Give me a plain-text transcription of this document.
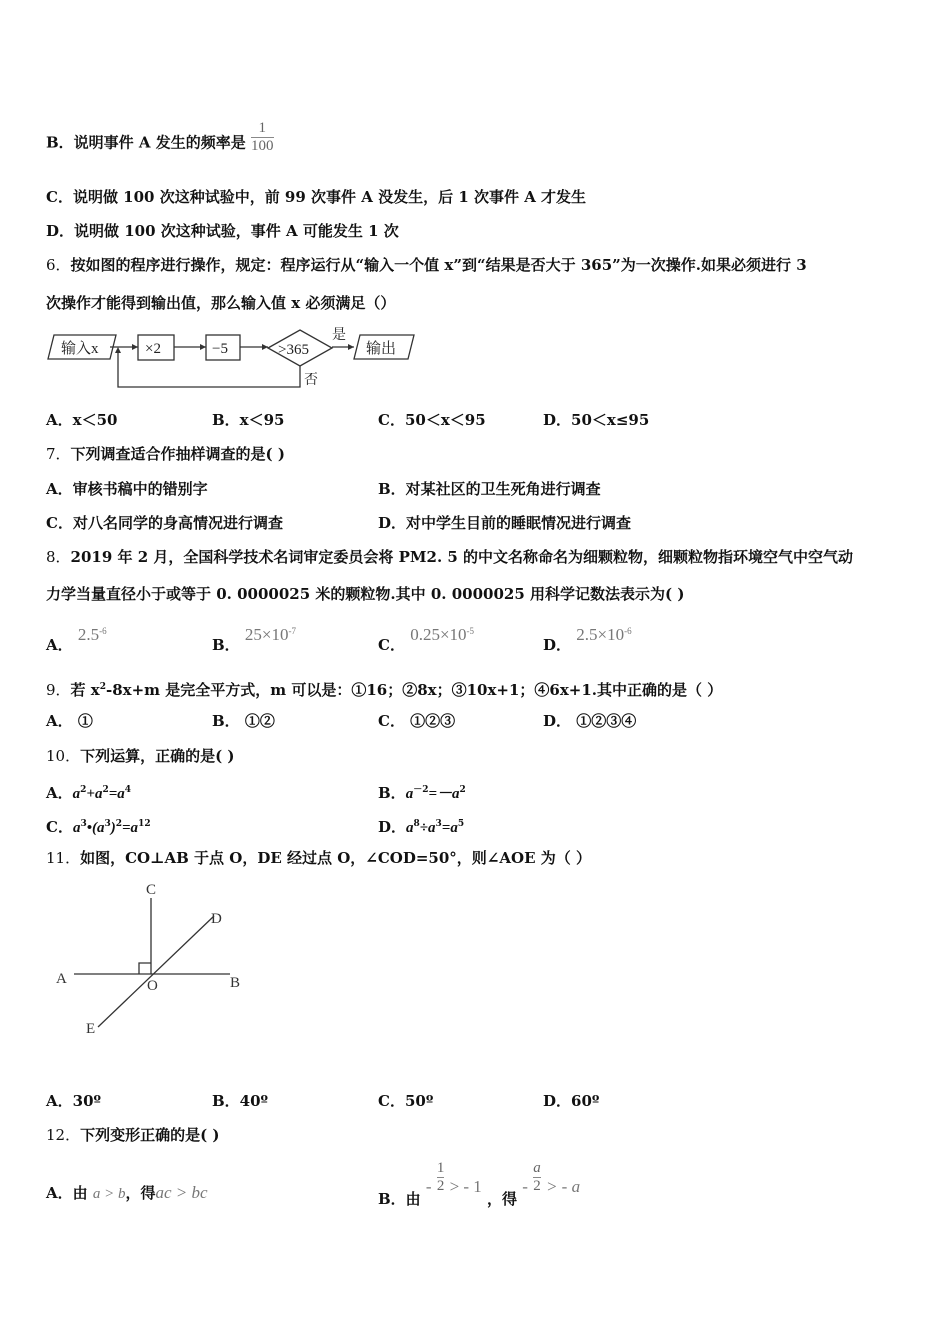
B．说明事件 A 发生的频率是 $\frac{1}{100}$
C．说明做 100 次这种试验中，前 99 次事件 A 没发生，后 1 次事件 A 才发生
D．说明做 100 次这种试验，事件 A 可能发生 1 次
6．按如图的程序进行操作，规定：程序运行从“输入一个值 x”到“结果是否大于 365”为一次操作.如果必须进行 3
次操作才能得到输出值，那么输入值 x 必须满足（）
输入x	×2	−5	>365
是
否
输出
A．x＜50	B．x＜95	C．50＜x＜95	D．50＜x≤95
7．下列调查适合作抽样调查的是( )
A．审核书稿中的错别字	B．对某社区的卫生死角进行调查
C．对八名同学的身高情况进行调查	D．对中学生目前的睡眠情况进行调查
8．2019 年 2 月，全国科学技术名词审定委员会将 PM2. 5 的中文名称命名为细颗粒物，细颗粒物指环境空气中空气动
力学当量直径小于或等于 0. 0000025 米的颗粒物.其中 0. 0000025 用科学记数法表示为( )
A． $2.5^{-6}$
B． $25\times 10^{-7}$
C． $0.25\times 10^{-5}$
D． $2.5\times 10^{-6}$
9．若 $x^2-8x+m$ 是完全平方式，m 可以是：①16；②8x；③10x+1；④6x+1.其中正确的是（ ）
A． ①	B． ①②	C． ①②③	D． ①②③④
10．下列运算，正确的是( )
A．$a^2+a^2=a^4$	B．$a^{-2}=-a^2$
C．$a^3•(a^3)^2=a^{12}$	D．$a^8\div a^3=a^5$
11．如图，CO⊥AB 于点 O，DE 经过点 O，∠COD=50°，则∠AOE 为（ ）
C
D
A	O	B
E
A．30º	B．40º	C．50º	D．60º
12．下列变形正确的是( )
A．由 a > b，得ac > bc	B．由 - $\frac{1}{2}$ > - 1 ，得 - $\frac{a}{2}$ > - a
